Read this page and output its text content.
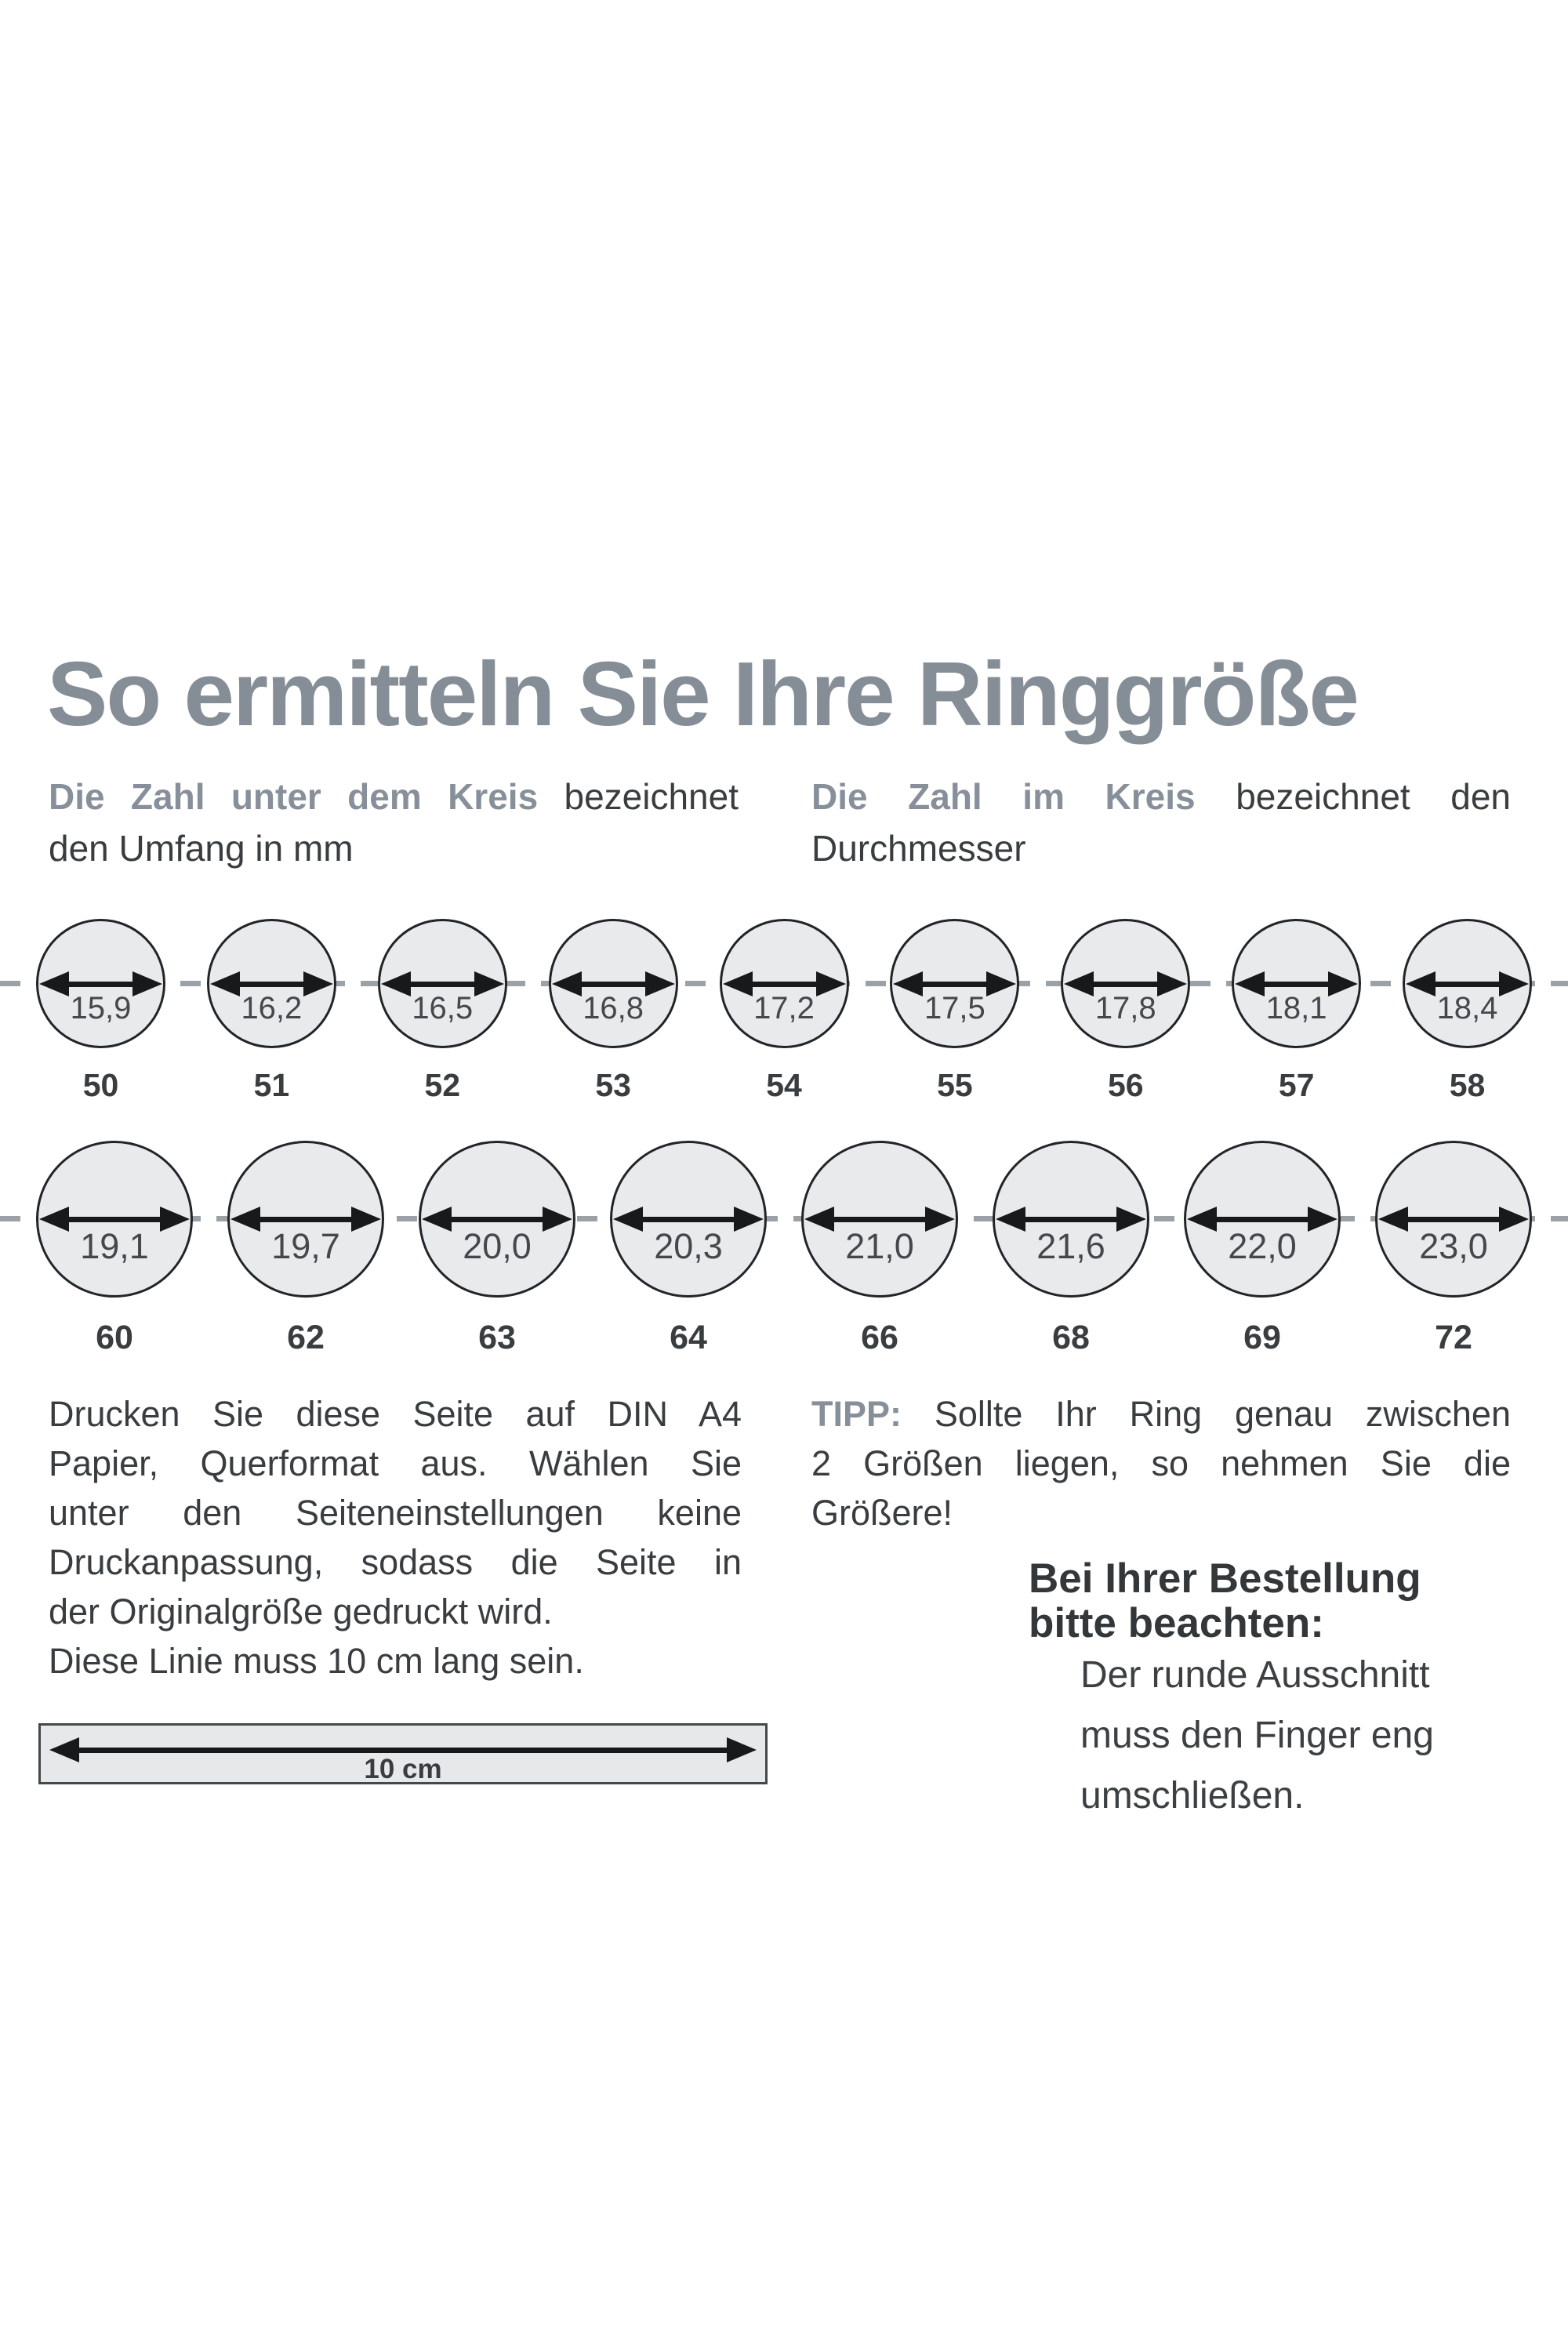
So ermitteln Sie Ihre Ringgröße
Die Zahl unter dem Kreis bezeichnet
den Umfang in mm
Die Zahl im Kreis bezeichnet den
Durchmesser
15,9
50
16,2
51
16,5
52
16,8
53
17,2
54
17,5
55
17,8
56
18,1
57
18,4
58
19,1
60
19,7
62
20,0
63
20,3
64
21,0
66
21,6
68
22,0
69
23,0
72
Drucken Sie diese Seite auf DIN A4
Papier, Querformat aus. Wählen Sie
unter den Seiteneinstellungen keine
Druckanpassung, sodass die Seite in
der Originalgröße gedruckt wird.
Diese Linie muss 10 cm lang sein.
10 cm
TIPP: Sollte Ihr Ring genau zwischen
2 Größen liegen, so nehmen Sie die
Größere!
Bei Ihrer Bestellung
bitte beachten:
Der runde Ausschnitt
muss den Finger eng
umschließen.
